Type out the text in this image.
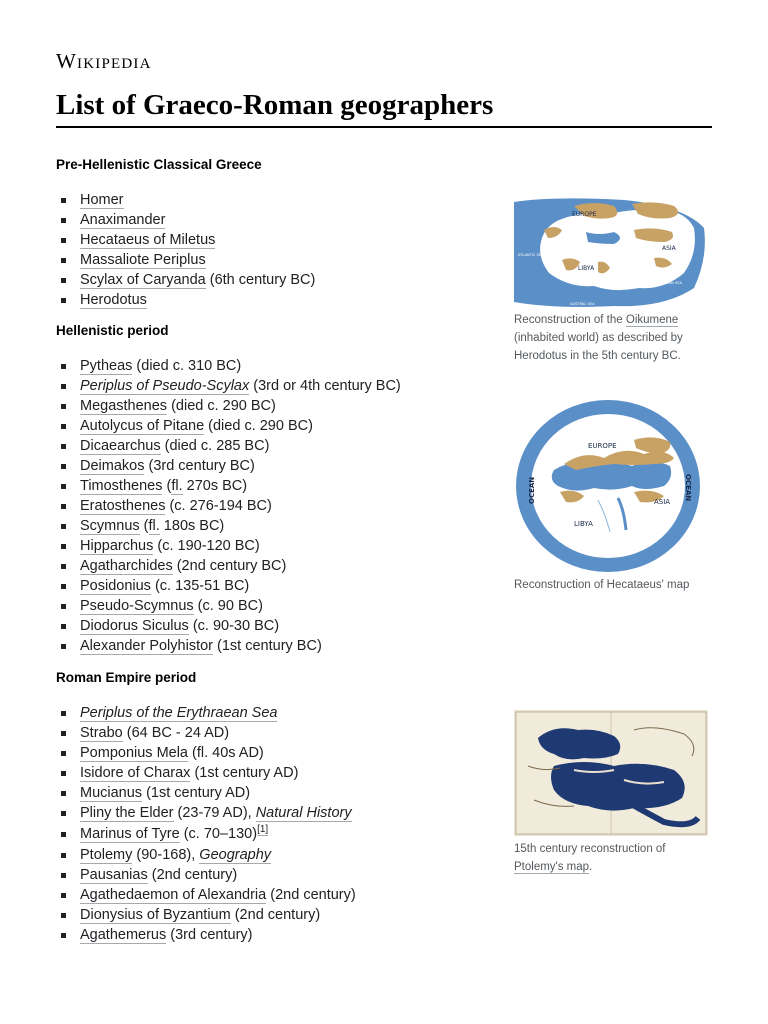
Wikipedia
List of Graeco-Roman geographers
Pre-Hellenistic Classical Greece
Homer
Anaximander
Hecataeus of Miletus
Massaliote Periplus
Scylax of Caryanda (6th century BC)
Herodotus
Hellenistic period
Pytheas (died c. 310 BC)
Periplus of Pseudo-Scylax (3rd or 4th century BC)
Megasthenes (died c. 290 BC)
Autolycus of Pitane (died c. 290 BC)
Dicaearchus (died c. 285 BC)
Deimakos (3rd century BC)
Timosthenes (fl. 270s BC)
Eratosthenes (c. 276-194 BC)
Scymnus (fl. 180s BC)
Hipparchus (c. 190-120 BC)
Agatharchides (2nd century BC)
Posidonius (c. 135-51 BC)
Pseudo-Scymnus (c. 90 BC)
Diodorus Siculus (c. 90-30 BC)
Alexander Polyhistor (1st century BC)
Roman Empire period
Periplus of the Erythraean Sea
Strabo (64 BC - 24 AD)
Pomponius Mela (fl. 40s AD)
Isidore of Charax (1st century AD)
Mucianus (1st century AD)
Pliny the Elder (23-79 AD), Natural History
Marinus of Tyre (c. 70–130)[1]
Ptolemy (90-168), Geography
Pausanias (2nd century)
Agathedaemon of Alexandria (2nd century)
Dionysius of Byzantium (2nd century)
Agathemerus (3rd century)
EUROPE
ASIA
LIBYA
ATLANTIC SEA
ERYTHRAEAN SEA
AUSTRAL SEA
Reconstruction of the Oikumene (inhabited world) as described by Herodotus in the 5th century BC.
EUROPE
ASIA
LIBYA
OCEAN	OCEAN
Reconstruction of Hecataeus' map
15th century reconstruction of Ptolemy's map.
